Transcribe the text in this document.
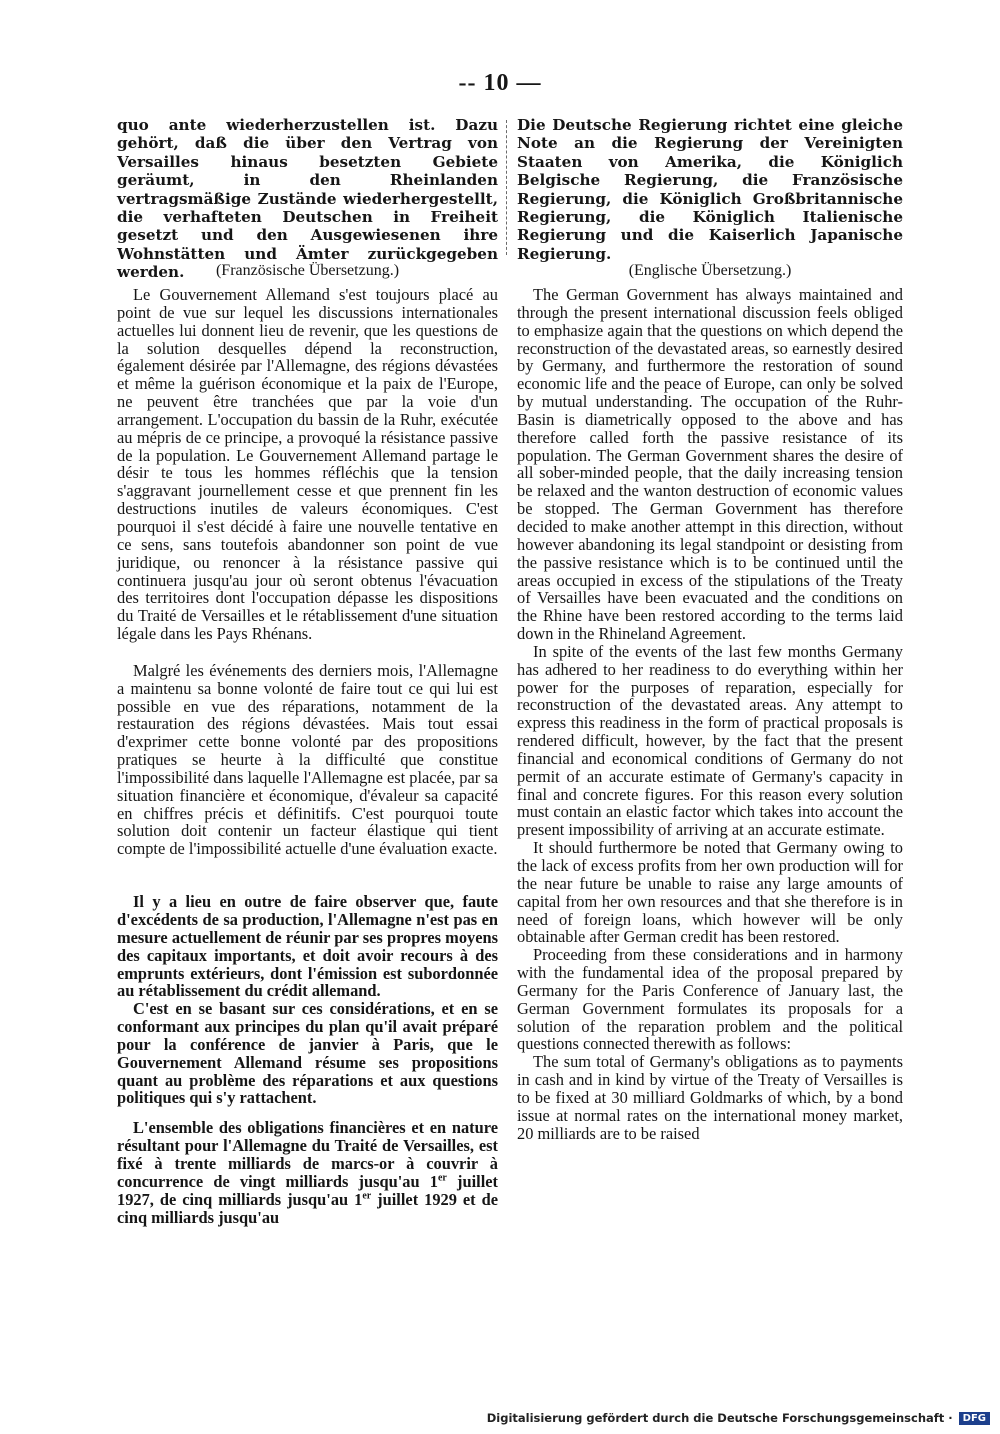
-- 10 —

quo ante wiederherzustellen ist. Dazu gehört, daß die über den Vertrag von Versailles hinaus besetzten Gebiete geräumt, in den Rheinlanden vertragsmäßige Zustände wiederhergestellt, die verhafteten Deutschen in Freiheit gesetzt und den Ausgewiesenen ihre Wohnstätten und Ämter zurückgegeben werden.

Die Deutsche Regierung richtet eine gleiche Note an die Regierung der Vereinigten Staaten von Amerika, die Königlich Belgische Regierung, die Französische Regierung, die Königlich Großbritannische Regierung, die Königlich Italienische Regierung und die Kaiserlich Japanische Regierung.

(Französische Übersetzung.)	(Englische Übersetzung.)

Le Gouvernement Allemand s'est toujours placé au point de vue sur lequel les discussions internationales actuelles lui donnent lieu de revenir, que les questions de la solution desquelles dépend la reconstruction, également désirée par l'Allemagne, des régions dévastées et même la guérison économique et la paix de l'Europe, ne peuvent être tranchées que par la voie d'un arrangement. L'occupation du bassin de la Ruhr, exécutée au mépris de ce principe, a provoqué la résistance passive de la population. Le Gouvernement Allemand partage le désir te tous les hommes réfléchis que la tension s'aggravant journellement cesse et que prennent fin les destructions inutiles de valeurs économiques. C'est pourquoi il s'est décidé à faire une nouvelle tentative en ce sens, sans toutefois abandonner son point de vue juridique, ou renoncer à la résistance passive qui continuera jusqu'au jour où seront obtenus l'évacuation des territoires dont l'occupation dépasse les dispositions du Traité de Versailles et le rétablissement d'une situation légale dans les Pays Rhénans.

Malgré les événements des derniers mois, l'Allemagne a maintenu sa bonne volonté de faire tout ce qui lui est possible en vue des réparations, notamment de la restauration des régions dévastées. Mais tout essai d'exprimer cette bonne volonté par des propositions pratiques se heurte à la difficulté que constitue l'impossibilité dans laquelle l'Allemagne est placée, par sa situation financière et économique, d'évaleur sa capacité en chiffres précis et définitifs. C'est pourquoi toute solution doit contenir un facteur élastique qui tient compte de l'impossibilité actuelle d'une évaluation exacte.

Il y a lieu en outre de faire observer que, faute d'excédents de sa production, l'Allemagne n'est pas en mesure actuellement de réunir par ses propres moyens des capitaux importants, et doit avoir recours à des emprunts extérieurs, dont l'émission est subordonnée au rétablissement du crédit allemand.

C'est en se basant sur ces considérations, et en se conformant aux principes du plan qu'il avait préparé pour la conférence de janvier à Paris, que le Gouvernement Allemand résume ses propositions quant au problème des réparations et aux questions politiques qui s'y rattachent.

L'ensemble des obligations financières et en nature résultant pour l'Allemagne du Traité de Versailles, est fixé à trente milliards de marcs-or à couvrir à concurrence de vingt milliards jusqu'au 1er juillet 1927, de cinq milliards jusqu'au 1er juillet 1929 et de cinq milliards jusqu'au

The German Government has always maintained and through the present international discussion feels obliged to emphasize again that the questions on which depend the reconstruction of the devastated areas, so earnestly desired by Germany, and furthermore the restoration of sound economic life and the peace of Europe, can only be solved by mutual understanding. The occupation of the Ruhr-Basin is diametrically opposed to the above and has therefore called forth the passive resistance of its population. The German Government shares the desire of all sober-minded people, that the daily increasing tension be relaxed and the wanton destruction of economic values be stopped. The German Government has therefore decided to make another attempt in this direction, without however abandoning its legal standpoint or desisting from the passive resistance which is to be continued until the areas occupied in excess of the stipulations of the Treaty of Versailles have been evacuated and the conditions on the Rhine have been restored according to the terms laid down in the Rhineland Agreement.

In spite of the events of the last few months Germany has adhered to her readiness to do everything within her power for the purposes of reparation, especially for reconstruction of the devastated areas. Any attempt to express this readiness in the form of practical proposals is rendered difficult, however, by the fact that the present financial and economical conditions of Germany do not permit of an accurate estimate of Germany's capacity in final and concrete figures. For this reason every solution must contain an elastic factor which takes into account the present impossibility of arriving at an accurate estimate.

It should furthermore be noted that Germany owing to the lack of excess profits from her own production will for the near future be unable to raise any large amounts of capital from her own resources and that she therefore is in need of foreign loans, which however will be only obtainable after German credit has been restored.

Proceeding from these considerations and in harmony with the fundamental idea of the proposal prepared by Germany for the Paris Conference of January last, the German Government formulates its proposals for a solution of the reparation problem and the political questions connected therewith as follows:

The sum total of Germany's obligations as to payments in cash and in kind by virtue of the Treaty of Versailles is to be fixed at 30 milliard Goldmarks of which, by a bond issue at normal rates on the international money market, 20 milliards are to be raised

Digitalisierung gefördert durch die Deutsche Forschungsgemeinschaft ·	DFG
